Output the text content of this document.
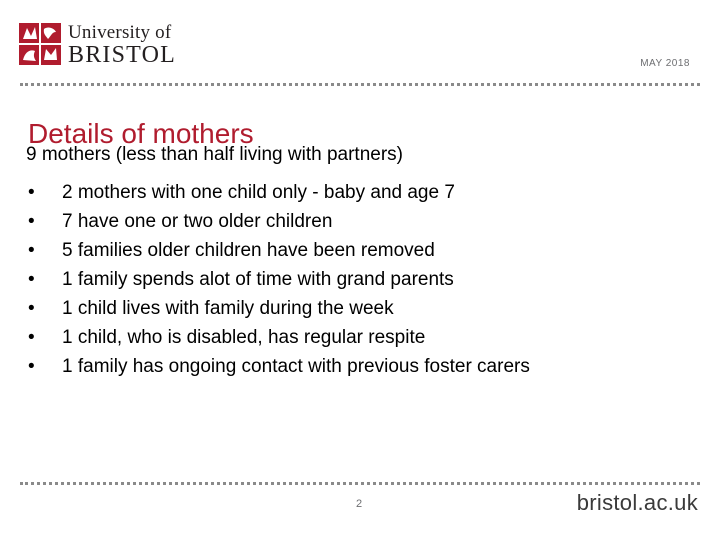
University of
BRISTOL	MAY 2018
Details of mothers
9 mothers (less than half living with partners)
•	2 mothers with one child only - baby and age 7
•	7 have one or two older children
•	5 families older children have been removed
•	1 family spends alot of time with grand parents
•	1 child lives with family during the week
•	1 child, who is disabled, has regular respite
•	1 family has ongoing contact with previous foster carers
2	bristol.ac.uk
